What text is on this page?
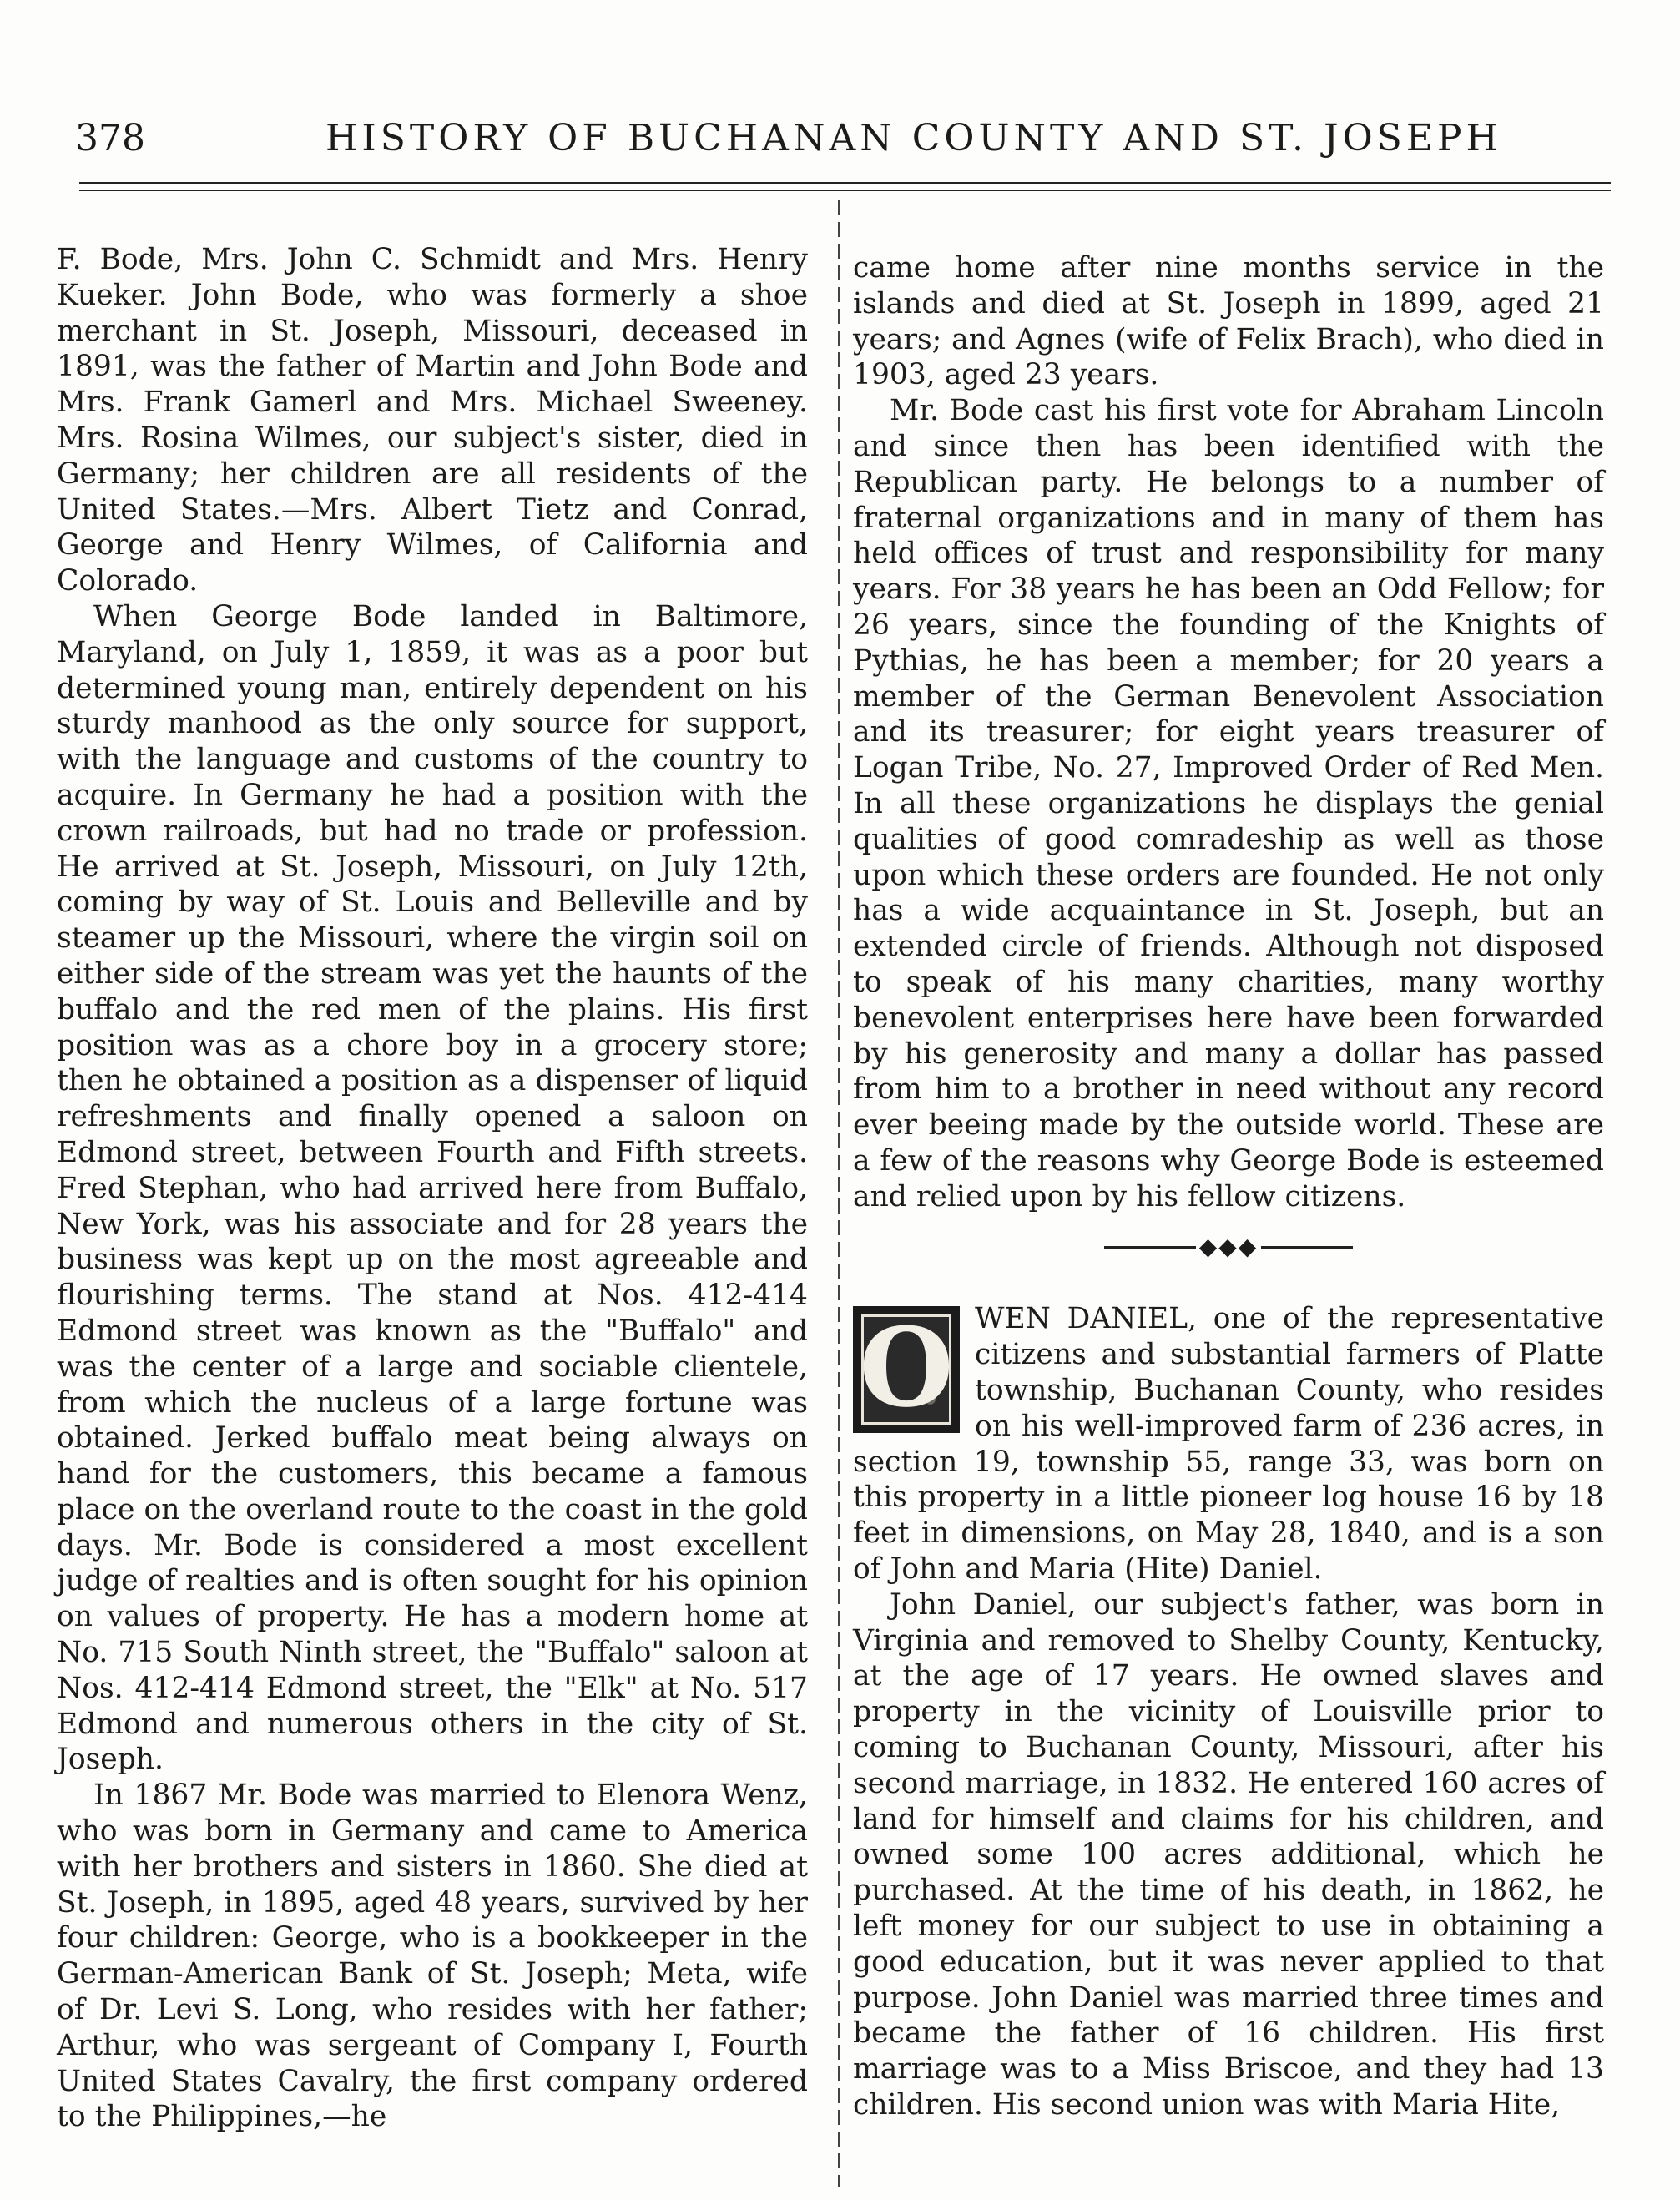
378	HISTORY OF BUCHANAN COUNTY AND ST. JOSEPH

F. Bode, Mrs. John C. Schmidt and Mrs. Henry Kueker. John Bode, who was formerly a shoe merchant in St. Joseph, Missouri, deceased in 1891, was the father of Martin and John Bode and Mrs. Frank Gamerl and Mrs. Michael Sweeney. Mrs. Rosina Wilmes, our subject's sister, died in Germany; her children are all residents of the United States.—Mrs. Albert Tietz and Conrad, George and Henry Wilmes, of California and Colorado.

When George Bode landed in Baltimore, Maryland, on July 1, 1859, it was as a poor but determined young man, entirely dependent on his sturdy manhood as the only source for support, with the language and customs of the country to acquire. In Germany he had a position with the crown railroads, but had no trade or profession. He arrived at St. Joseph, Missouri, on July 12th, coming by way of St. Louis and Belleville and by steamer up the Missouri, where the virgin soil on either side of the stream was yet the haunts of the buffalo and the red men of the plains. His first position was as a chore boy in a grocery store; then he obtained a position as a dispenser of liquid refreshments and finally opened a saloon on Edmond street, between Fourth and Fifth streets. Fred Stephan, who had arrived here from Buffalo, New York, was his associate and for 28 years the business was kept up on the most agreeable and flourishing terms. The stand at Nos. 412-414 Edmond street was known as the "Buffalo" and was the center of a large and sociable clientele, from which the nucleus of a large fortune was obtained. Jerked buffalo meat being always on hand for the customers, this became a famous place on the overland route to the coast in the gold days. Mr. Bode is considered a most excellent judge of realties and is often sought for his opinion on values of property. He has a modern home at No. 715 South Ninth street, the "Buffalo" saloon at Nos. 412-414 Edmond street, the "Elk" at No. 517 Edmond and numerous others in the city of St. Joseph.

In 1867 Mr. Bode was married to Elenora Wenz, who was born in Germany and came to America with her brothers and sisters in 1860. She died at St. Joseph, in 1895, aged 48 years, survived by her four children: George, who is a bookkeeper in the German-American Bank of St. Joseph; Meta, wife of Dr. Levi S. Long, who resides with her father; Arthur, who was sergeant of Company I, Fourth United States Cavalry, the first company ordered to the Philippines,—he

came home after nine months service in the islands and died at St. Joseph in 1899, aged 21 years; and Agnes (wife of Felix Brach), who died in 1903, aged 23 years.

Mr. Bode cast his first vote for Abraham Lincoln and since then has been identified with the Republican party. He belongs to a number of fraternal organizations and in many of them has held offices of trust and responsibility for many years. For 38 years he has been an Odd Fellow; for 26 years, since the founding of the Knights of Pythias, he has been a member; for 20 years a member of the German Benevolent Association and its treasurer; for eight years treasurer of Logan Tribe, No. 27, Improved Order of Red Men. In all these organizations he displays the genial qualities of good comradeship as well as those upon which these orders are founded. He not only has a wide acquaintance in St. Joseph, but an extended circle of friends. Although not disposed to speak of his many charities, many worthy benevolent enterprises here have been forwarded by his generosity and many a dollar has passed from him to a brother in need without any record ever beeing made by the outside world. These are a few of the reasons why George Bode is esteemed and relied upon by his fellow citizens.

◆◆◆
O WEN DANIEL, one of the representative citizens and substantial farmers of Platte township, Buchanan County, who resides on his well-improved farm of 236 acres, in section 19, township 55, range 33, was born on this property in a little pioneer log house 16 by 18 feet in dimensions, on May 28, 1840, and is a son of John and Maria (Hite) Daniel.

John Daniel, our subject's father, was born in Virginia and removed to Shelby County, Kentucky, at the age of 17 years. He owned slaves and property in the vicinity of Louisville prior to coming to Buchanan County, Missouri, after his second marriage, in 1832. He entered 160 acres of land for himself and claims for his children, and owned some 100 acres additional, which he purchased. At the time of his death, in 1862, he left money for our subject to use in obtaining a good education, but it was never applied to that purpose. John Daniel was married three times and became the father of 16 children. His first marriage was to a Miss Briscoe, and they had 13 children. His second union was with Maria Hite,
